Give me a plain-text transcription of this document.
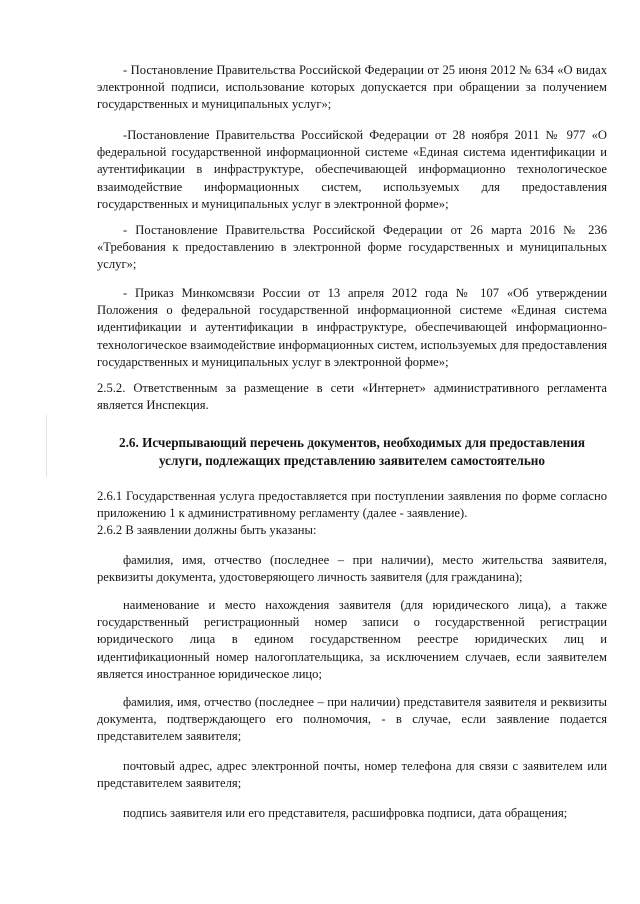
- Постановление Правительства Российской Федерации от 25 июня 2012 № 634 «О видах электронной подписи, использование которых допускается при обращении за получением государственных и муниципальных услуг»;

-Постановление Правительства Российской Федерации от 28 ноября 2011 № 977 «О федеральной государственной информационной системе «Единая система идентификации и аутентификации в инфраструктуре, обеспечивающей информационно технологическое взаимодействие информационных систем, используемых для предоставления государственных и муниципальных услуг в электронной форме»;

- Постановление Правительства Российской Федерации от 26 марта 2016 № 236 «Требования к предоставлению в электронной форме государственных и муниципальных услуг»;

- Приказ Минкомсвязи России от 13 апреля 2012 года № 107 «Об утверждении Положения о федеральной государственной информационной системе «Единая система идентификации и аутентификации в инфраструктуре, обеспечивающей информационно-технологическое взаимодействие информационных систем, используемых для предоставления государственных и муниципальных услуг в электронной форме»;

2.5.2. Ответственным за размещение в сети «Интернет» административного регламента является Инспекция.

2.6. Исчерпывающий перечень документов, необходимых для предоставления услуги, подлежащих представлению заявителем самостоятельно

2.6.1 Государственная услуга предоставляется при поступлении заявления по форме согласно приложению 1 к административному регламенту (далее - заявление).

2.6.2 В заявлении должны быть указаны:

фамилия, имя, отчество (последнее – при наличии), место жительства заявителя, реквизиты документа, удостоверяющего личность заявителя (для гражданина);

наименование и место нахождения заявителя (для юридического лица), а также государственный регистрационный номер записи о государственной регистрации юридического лица в едином государственном реестре юридических лиц и идентификационный номер налогоплательщика, за исключением случаев, если заявителем является иностранное юридическое лицо;

фамилия, имя, отчество (последнее – при наличии) представителя заявителя и реквизиты документа, подтверждающего его полномочия, - в случае, если заявление подается представителем заявителя;

почтовый адрес, адрес электронной почты, номер телефона для связи с заявителем или представителем заявителя;

подпись заявителя или его представителя, расшифровка подписи, дата обращения;
